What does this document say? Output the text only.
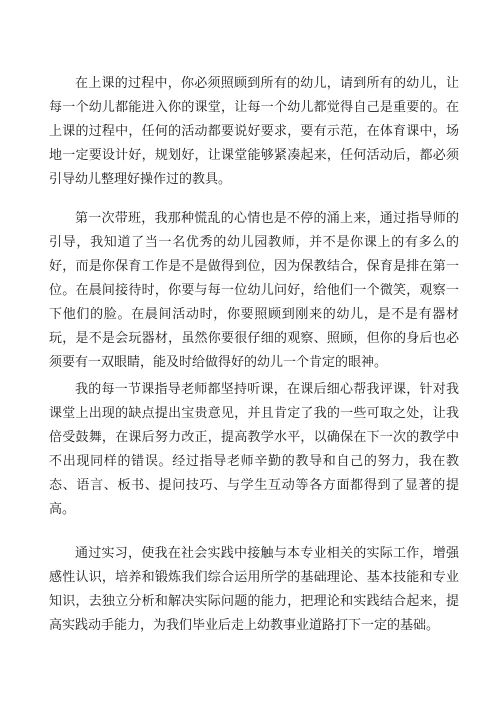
在上课的过程中，你必须照顾到所有的幼儿，请到所有的幼儿，让每一个幼儿都能进入你的课堂，让每一个幼儿都觉得自己是重要的。在上课的过程中，任何的活动都要说好要求，要有示范，在体育课中，场地一定要设计好，规划好，让课堂能够紧凑起来，任何活动后，都必须引导幼儿整理好操作过的教具。

第一次带班，我那种慌乱的心情也是不停的涌上来，通过指导师的引导，我知道了当一名优秀的幼儿园教师，并不是你课上的有多么的好，而是你保育工作是不是做得到位，因为保教结合，保育是排在第一位。在晨间接待时，你要与每一位幼儿问好，给他们一个微笑，观察一下他们的脸。在晨间活动时，你要照顾到刚来的幼儿，是不是有器材玩，是不是会玩器材，虽然你要很仔细的观察、照顾，但你的身后也必须要有一双眼睛，能及时给做得好的幼儿一个肯定的眼神。

我的每一节课指导老师都坚持听课，在课后细心帮我评课，针对我课堂上出现的缺点提出宝贵意见，并且肯定了我的一些可取之处，让我倍受鼓舞，在课后努力改正，提高教学水平，以确保在下一次的教学中不出现同样的错误。经过指导老师辛勤的教导和自己的努力，我在教态、语言、板书、提问技巧、与学生互动等各方面都得到了显著的提高。

通过实习，使我在社会实践中接触与本专业相关的实际工作，增强感性认识，培养和锻炼我们综合运用所学的基础理论、基本技能和专业知识，去独立分析和解决实际问题的能力，把理论和实践结合起来，提高实践动手能力，为我们毕业后走上幼教事业道路打下一定的基础。
